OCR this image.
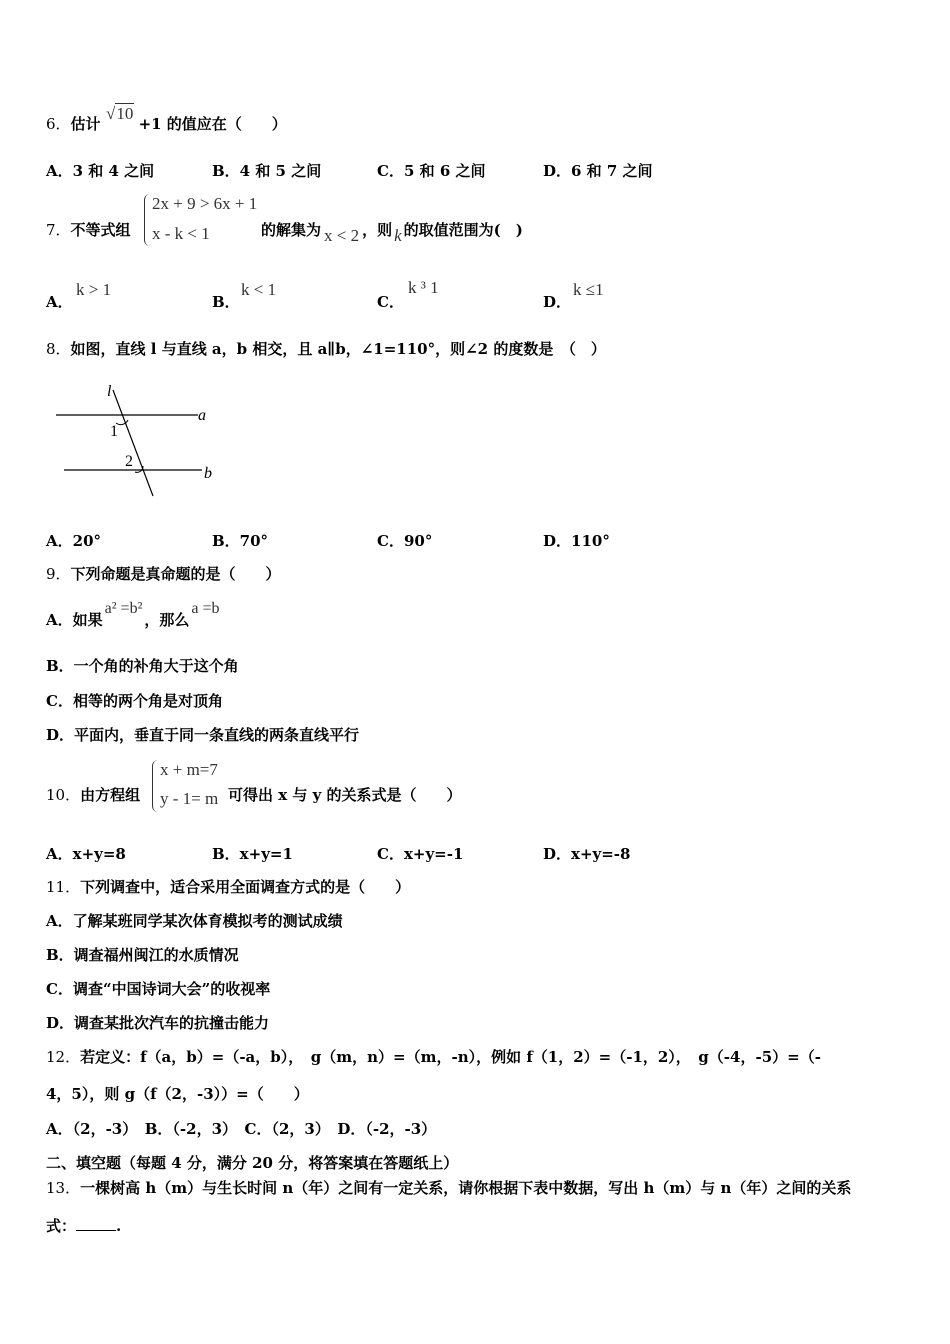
6．估计	+1 的值应在（　　）
√10
A．3 和 4 之间	B．4 和 5 之间	C．5 和 6 之间	D．6 和 7 之间
7．不等式组
2x + 9 > 6x + 1
x - k < 1	的解集为 x < 2 ，则 k 的取值范围为(　)
A．
k > 1
B．
k < 1
C．
k ³ 1
D．
k ≤1
8．如图，直线 l 与直线 a，b 相交，且 a∥b，∠1=110°，则∠2 的度数是　（　）
l
a
b
1
2
A．20°	B．70°	C．90°	D．110°
9．下列命题是真命题的是（　　）
A．如果a² =b²，那么a =b
B．一个角的补角大于这个角
C．相等的两个角是对顶角
D．平面内，垂直于同一条直线的两条直线平行
10．由方程组
x + m=7
y - 1= m 可得出 x 与 y 的关系式是（　　）
A．x+y=8	B．x+y=1	C．x+y=-1	D．x+y=-8
11．下列调查中，适合采用全面调查方式的是（　　）
A．了解某班同学某次体育模拟考的测试成绩
B．调查福州闽江的水质情况
C．调查“中国诗词大会”的收视率
D．调查某批次汽车的抗撞击能力
12．若定义：f（a，b）=（-a，b），　g（m，n）=（m，-n），例如 f（1，2）=（-1，2），　g（-4，-5）=（-
4，5），则 g（f（2，-3））=（　　）
A．（2，-3）　B．（-2，3）　C．（2，3）　D．（-2，-3）
二、填空题（每题 4 分，满分 20 分，将答案填在答题纸上）
13．一棵树高 h（m）与生长时间 n（年）之间有一定关系，请你根据下表中数据，写出 h（m）与 n（年）之间的关系
式：	.
